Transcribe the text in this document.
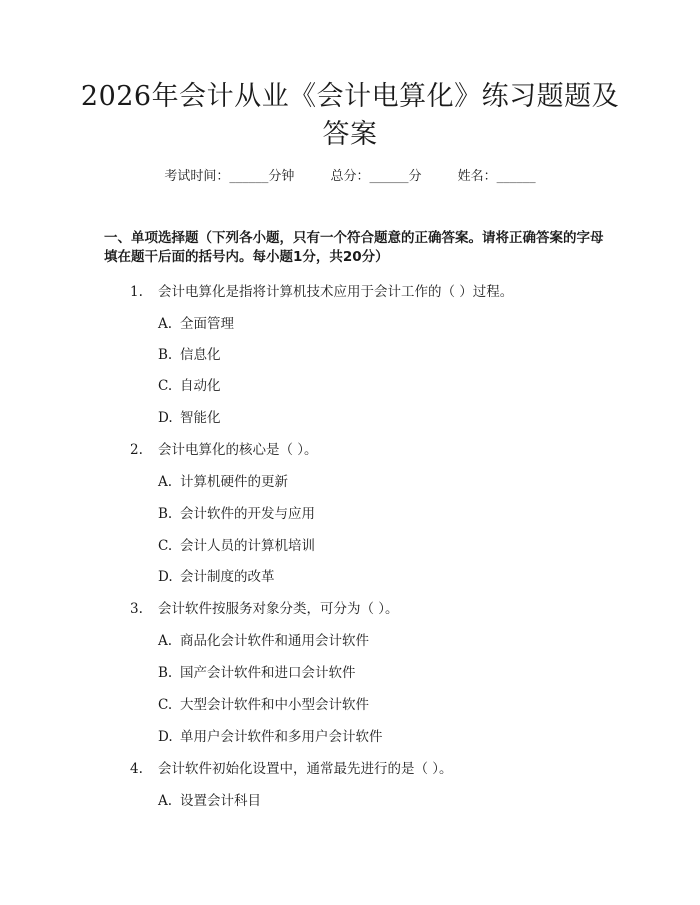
2026年会计从业《会计电算化》练习题题及答案
考试时间：______分钟	总分：______分	姓名：______
一、单项选择题（下列各小题，只有一个符合题意的正确答案。请将正确答案的字母填在题干后面的括号内。每小题1分，共20分）
1. 会计电算化是指将计算机技术应用于会计工作的（ ）过程。
A. 全面管理
B. 信息化
C. 自动化
D. 智能化
2. 会计电算化的核心是（ ）。
A. 计算机硬件的更新
B. 会计软件的开发与应用
C. 会计人员的计算机培训
D. 会计制度的改革
3. 会计软件按服务对象分类，可分为（ ）。
A. 商品化会计软件和通用会计软件
B. 国产会计软件和进口会计软件
C. 大型会计软件和中小型会计软件
D. 单用户会计软件和多用户会计软件
4. 会计软件初始化设置中，通常最先进行的是（ ）。
A. 设置会计科目
